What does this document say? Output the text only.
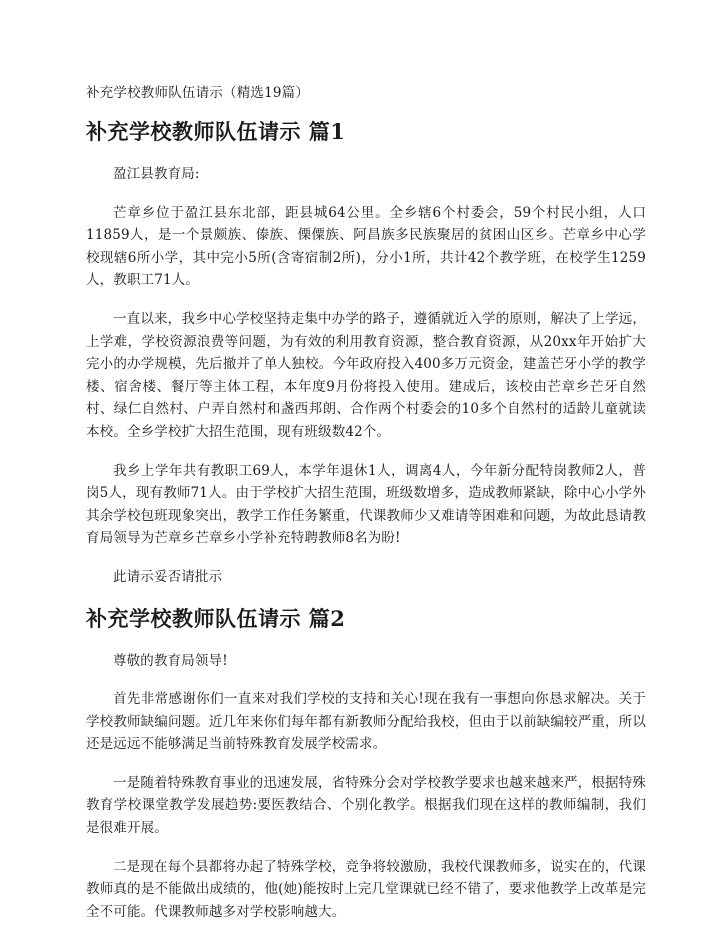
补充学校教师队伍请示（精选19篇）
补充学校教师队伍请示 篇1

盈江县教育局:

芒章乡位于盈江县东北部，距县城64公里。全乡辖6个村委会，59个村民小组，人口11859人，是一个景颇族、傣族、傈僳族、阿昌族多民族聚居的贫困山区乡。芒章乡中心学校现辖6所小学，其中完小5所(含寄宿制2所)，分小1所，共计42个教学班，在校学生1259人，教职工71人。

一直以来，我乡中心学校坚持走集中办学的路子，遵循就近入学的原则，解决了上学远，上学难，学校资源浪费等问题，为有效的利用教育资源，整合教育资源，从20xx年开始扩大完小的办学规模，先后撤并了单人独校。今年政府投入400多万元资金，建盖芒牙小学的教学楼、宿舍楼、餐厅等主体工程，本年度9月份将投入使用。建成后，该校由芒章乡芒牙自然村、绿仁自然村、户弄自然村和盏西邦朗、合作两个村委会的10多个自然村的适龄儿童就读本校。全乡学校扩大招生范围，现有班级数42个。

我乡上学年共有教职工69人，本学年退休1人，调离4人，今年新分配特岗教师2人，普岗5人，现有教师71人。由于学校扩大招生范围，班级数增多，造成教师紧缺，除中心小学外其余学校包班现象突出，教学工作任务繁重，代课教师少又难请等困难和问题，为故此恳请教育局领导为芒章乡芒章乡小学补充特聘教师8名为盼!

此请示妥否请批示

补充学校教师队伍请示 篇2

尊敬的教育局领导!

首先非常感谢你们一直来对我们学校的支持和关心!现在我有一事想向你恳求解决。关于学校教师缺编问题。近几年来你们每年都有新教师分配给我校，但由于以前缺编较严重，所以还是远远不能够满足当前特殊教育发展学校需求。

一是随着特殊教育事业的迅速发展，省特殊分会对学校教学要求也越来越来严，根据特殊教育学校课堂教学发展趋势:要医教结合、个别化教学。根据我们现在这样的教师编制，我们是很难开展。

二是现在每个县都将办起了特殊学校，竞争将较激励，我校代课教师多，说实在的，代课教师真的是不能做出成绩的，他(她)能按时上完几堂课就已经不错了，要求他教学上改革是完全不可能。代课教师越多对学校影响越大。
